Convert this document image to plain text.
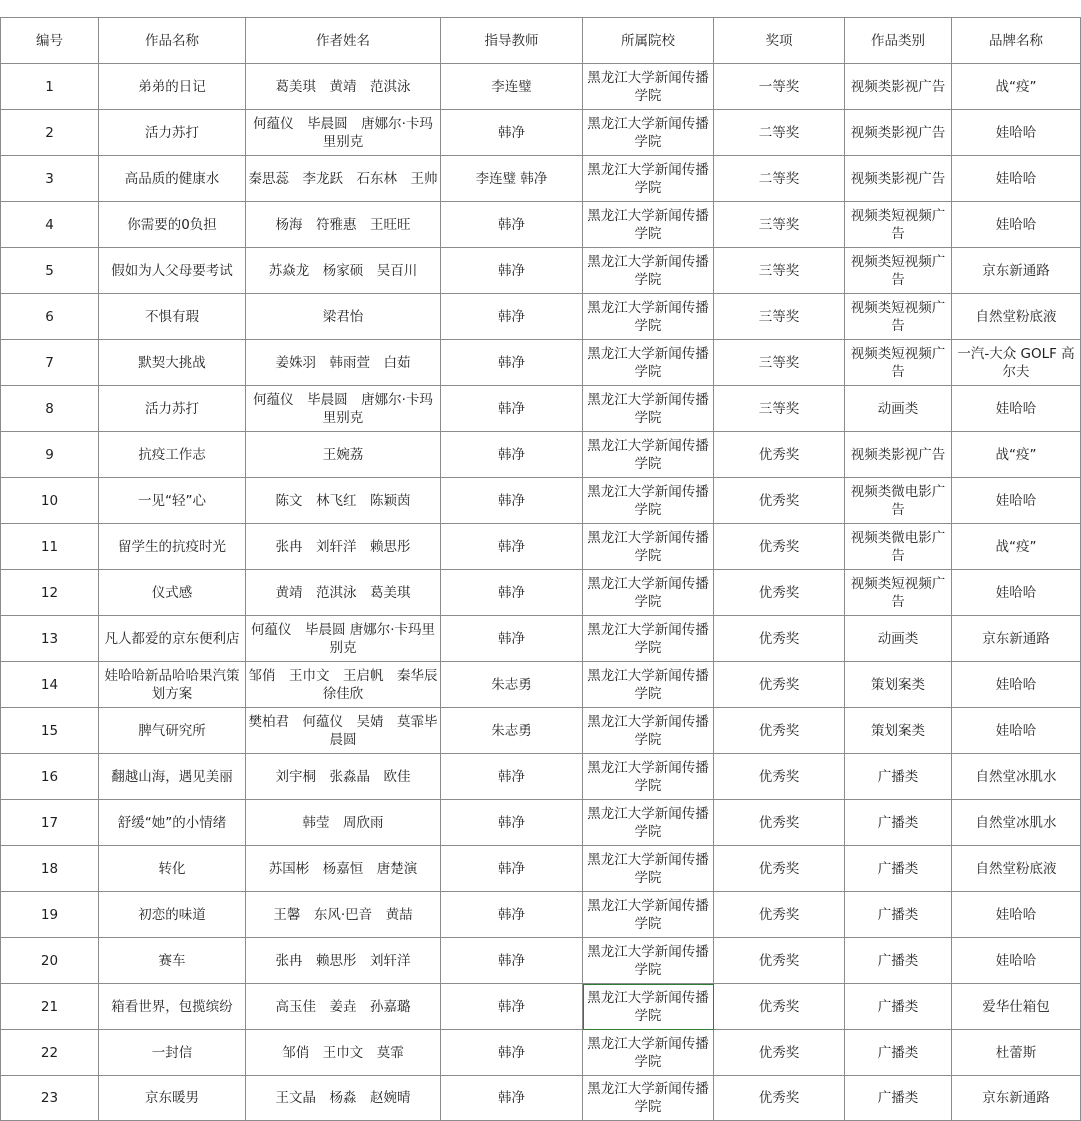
编号	作品名称	作者姓名	指导教师	所属院校	奖项	作品类别	品牌名称
1	弟弟的日记	葛美琪　黄靖　范淇泳	李连璧	黑龙江大学新闻传播学院	一等奖	视频类影视广告	战“疫”
2	活力苏打	何蕴仪　毕晨圆　唐娜尔·卡玛里别克	韩净	黑龙江大学新闻传播学院	二等奖	视频类影视广告	娃哈哈
3	高品质的健康水	秦思蕊　李龙跃　石东林　王帅	李连璧 韩净	黑龙江大学新闻传播学院	二等奖	视频类影视广告	娃哈哈
4	你需要的0负担	杨海　符雅惠　王旺旺	韩净	黑龙江大学新闻传播学院	三等奖	视频类短视频广告	娃哈哈
5	假如为人父母要考试	苏焱龙　杨家硕　吴百川	韩净	黑龙江大学新闻传播学院	三等奖	视频类短视频广告	京东新通路
6	不惧有瑕	梁君怡	韩净	黑龙江大学新闻传播学院	三等奖	视频类短视频广告	自然堂粉底液
7	默契大挑战	姜姝羽　韩雨萱　白茹	韩净	黑龙江大学新闻传播学院	三等奖	视频类短视频广告	一汽-大众 GOLF 高尔夫
8	活力苏打	何蕴仪　毕晨圆　唐娜尔·卡玛里别克	韩净	黑龙江大学新闻传播学院	三等奖	动画类	娃哈哈
9	抗疫工作志	王婉荔	韩净	黑龙江大学新闻传播学院	优秀奖	视频类影视广告	战“疫”
10	一见“轻”心	陈文　林飞红　陈颖茵	韩净	黑龙江大学新闻传播学院	优秀奖	视频类微电影广告	娃哈哈
11	留学生的抗疫时光	张冉　刘轩洋　赖思彤	韩净	黑龙江大学新闻传播学院	优秀奖	视频类微电影广告	战“疫”
12	仪式感	黄靖　范淇泳　葛美琪	韩净	黑龙江大学新闻传播学院	优秀奖	视频类短视频广告	娃哈哈
13	凡人都爱的京东便利店	何蕴仪　毕晨圆 唐娜尔·卡玛里别克	韩净	黑龙江大学新闻传播学院	优秀奖	动画类	京东新通路
14	娃哈哈新品哈哈果汽策划方案	邹俏　王巾文　王启帆　秦华辰　徐佳欣	朱志勇	黑龙江大学新闻传播学院	优秀奖	策划案类	娃哈哈
15	脾气研究所	樊柏君　何蕴仪　吴婧　莫霏毕晨圆	朱志勇	黑龙江大学新闻传播学院	优秀奖	策划案类	娃哈哈
16	翻越山海，遇见美丽	刘宇桐　张淼晶　欧佳	韩净	黑龙江大学新闻传播学院	优秀奖	广播类	自然堂冰肌水
17	舒缓“她”的小情绪	韩莹　周欣雨	韩净	黑龙江大学新闻传播学院	优秀奖	广播类	自然堂冰肌水
18	转化	苏国彬　杨嘉恒　唐楚演	韩净	黑龙江大学新闻传播学院	优秀奖	广播类	自然堂粉底液
19	初恋的味道	王馨　东风·巴音　黄喆	韩净	黑龙江大学新闻传播学院	优秀奖	广播类	娃哈哈
20	赛车	张冉　赖思彤　刘轩洋	韩净	黑龙江大学新闻传播学院	优秀奖	广播类	娃哈哈
21	箱看世界，包揽缤纷	高玉佳　姜垚　孙嘉璐	韩净	黑龙江大学新闻传播学院	优秀奖	广播类	爱华仕箱包
22	一封信	邹俏　王巾文　莫霏	韩净	黑龙江大学新闻传播学院	优秀奖	广播类	杜蕾斯
23	京东暖男	王文晶　杨淼　赵婉晴	韩净	黑龙江大学新闻传播学院	优秀奖	广播类	京东新通路
